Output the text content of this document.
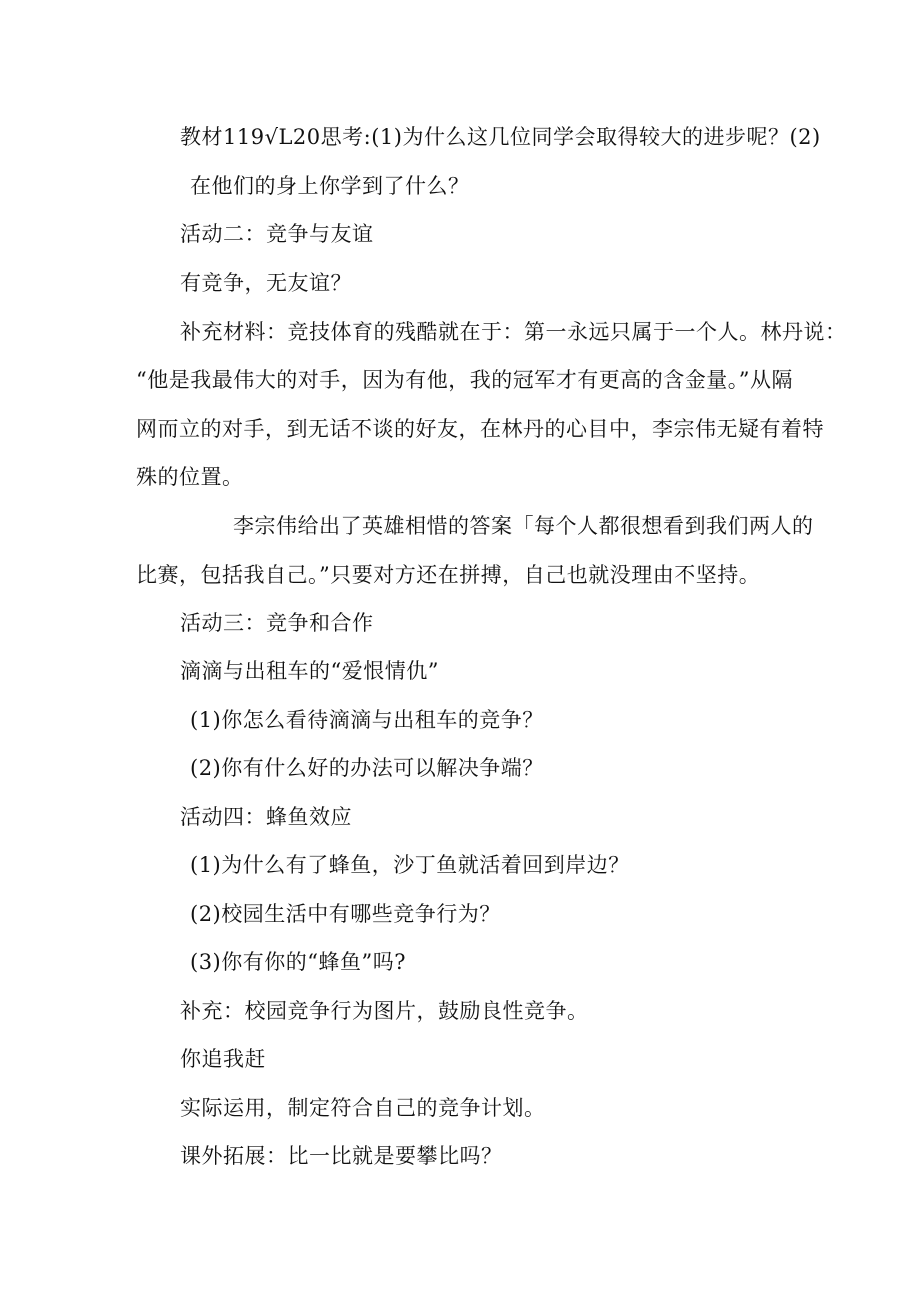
教材119√L20思考:(1)为什么这几位同学会取得较大的进步呢？(2)
在他们的身上你学到了什么？
活动二：竞争与友谊
有竞争，无友谊？
补充材料：竞技体育的残酷就在于：第一永远只属于一个人。林丹说：
“他是我最伟大的对手，因为有他，我的冠军才有更高的含金量。”从隔
网而立的对手，到无话不谈的好友，在林丹的心目中，李宗伟无疑有着特
殊的位置。
李宗伟给出了英雄相惜的答案「每个人都很想看到我们两人的
比赛，包括我自己。”只要对方还在拼搏，自己也就没理由不坚持。
活动三：竞争和合作
滴滴与出租车的“爱恨情仇”
(1)你怎么看待滴滴与出租车的竞争？
(2)你有什么好的办法可以解决争端？
活动四：蜂鱼效应
(1)为什么有了蜂鱼，沙丁鱼就活着回到岸边？
(2)校园生活中有哪些竞争行为？
(3)你有你的“蜂鱼”吗?
补充：校园竞争行为图片，鼓励良性竞争。
你追我赶
实际运用，制定符合自己的竞争计划。
课外拓展：比一比就是要攀比吗？
